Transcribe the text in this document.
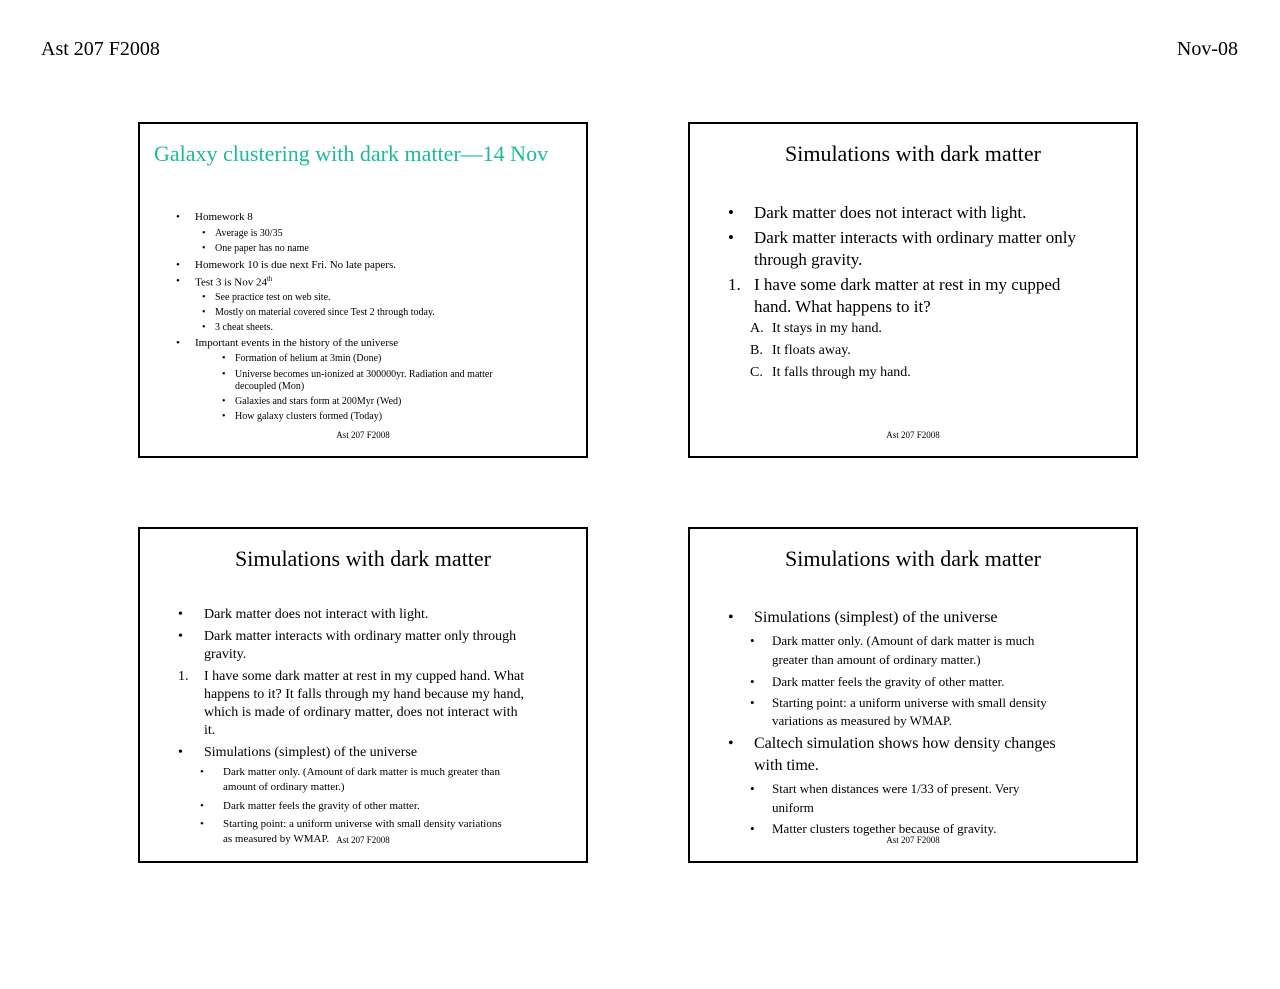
Ast 207 F2008	Nov-08
Galaxy clustering with dark matter—14 Nov
• Homework 8
• Average is 30/35
• One paper has no name
• Homework 10 is due next Fri. No late papers.
• Test 3 is Nov 24th
• See practice test on web site.
• Mostly on material covered since Test 2 through today.
• 3 cheat sheets.
• Important events in the history of the universe
• Formation of helium at 3min (Done)
• Universe becomes un-ionized at 300000yr. Radiation and matter
decoupled (Mon)
• Galaxies and stars form at 200Myr (Wed)
• How galaxy clusters formed (Today)
Ast 207 F2008
Simulations with dark matter
• Dark matter does not interact with light.
• Dark matter interacts with ordinary matter only
through gravity.
1. I have some dark matter at rest in my cupped
hand. What happens to it?
A. It stays in my hand.
B. It floats away.
C. It falls through my hand.
Ast 207 F2008
Simulations with dark matter
• Dark matter does not interact with light.
• Dark matter interacts with ordinary matter only through
gravity.
1. I have some dark matter at rest in my cupped hand. What
happens to it? It falls through my hand because my hand,
which is made of ordinary matter, does not interact with
it.
• Simulations (simplest) of the universe
• Dark matter only. (Amount of dark matter is much greater than
amount of ordinary matter.)
• Dark matter feels the gravity of other matter.
• Starting point: a uniform universe with small density variations
as measured by WMAP. Ast 207 F2008
Simulations with dark matter
• Simulations (simplest) of the universe
• Dark matter only. (Amount of dark matter is much
greater than amount of ordinary matter.)
• Dark matter feels the gravity of other matter.
• Starting point: a uniform universe with small density
variations as measured by WMAP.
• Caltech simulation shows how density changes
with time.
• Start when distances were 1/33 of present. Very
uniform
• Matter clusters together because of gravity.
Ast 207 F2008
